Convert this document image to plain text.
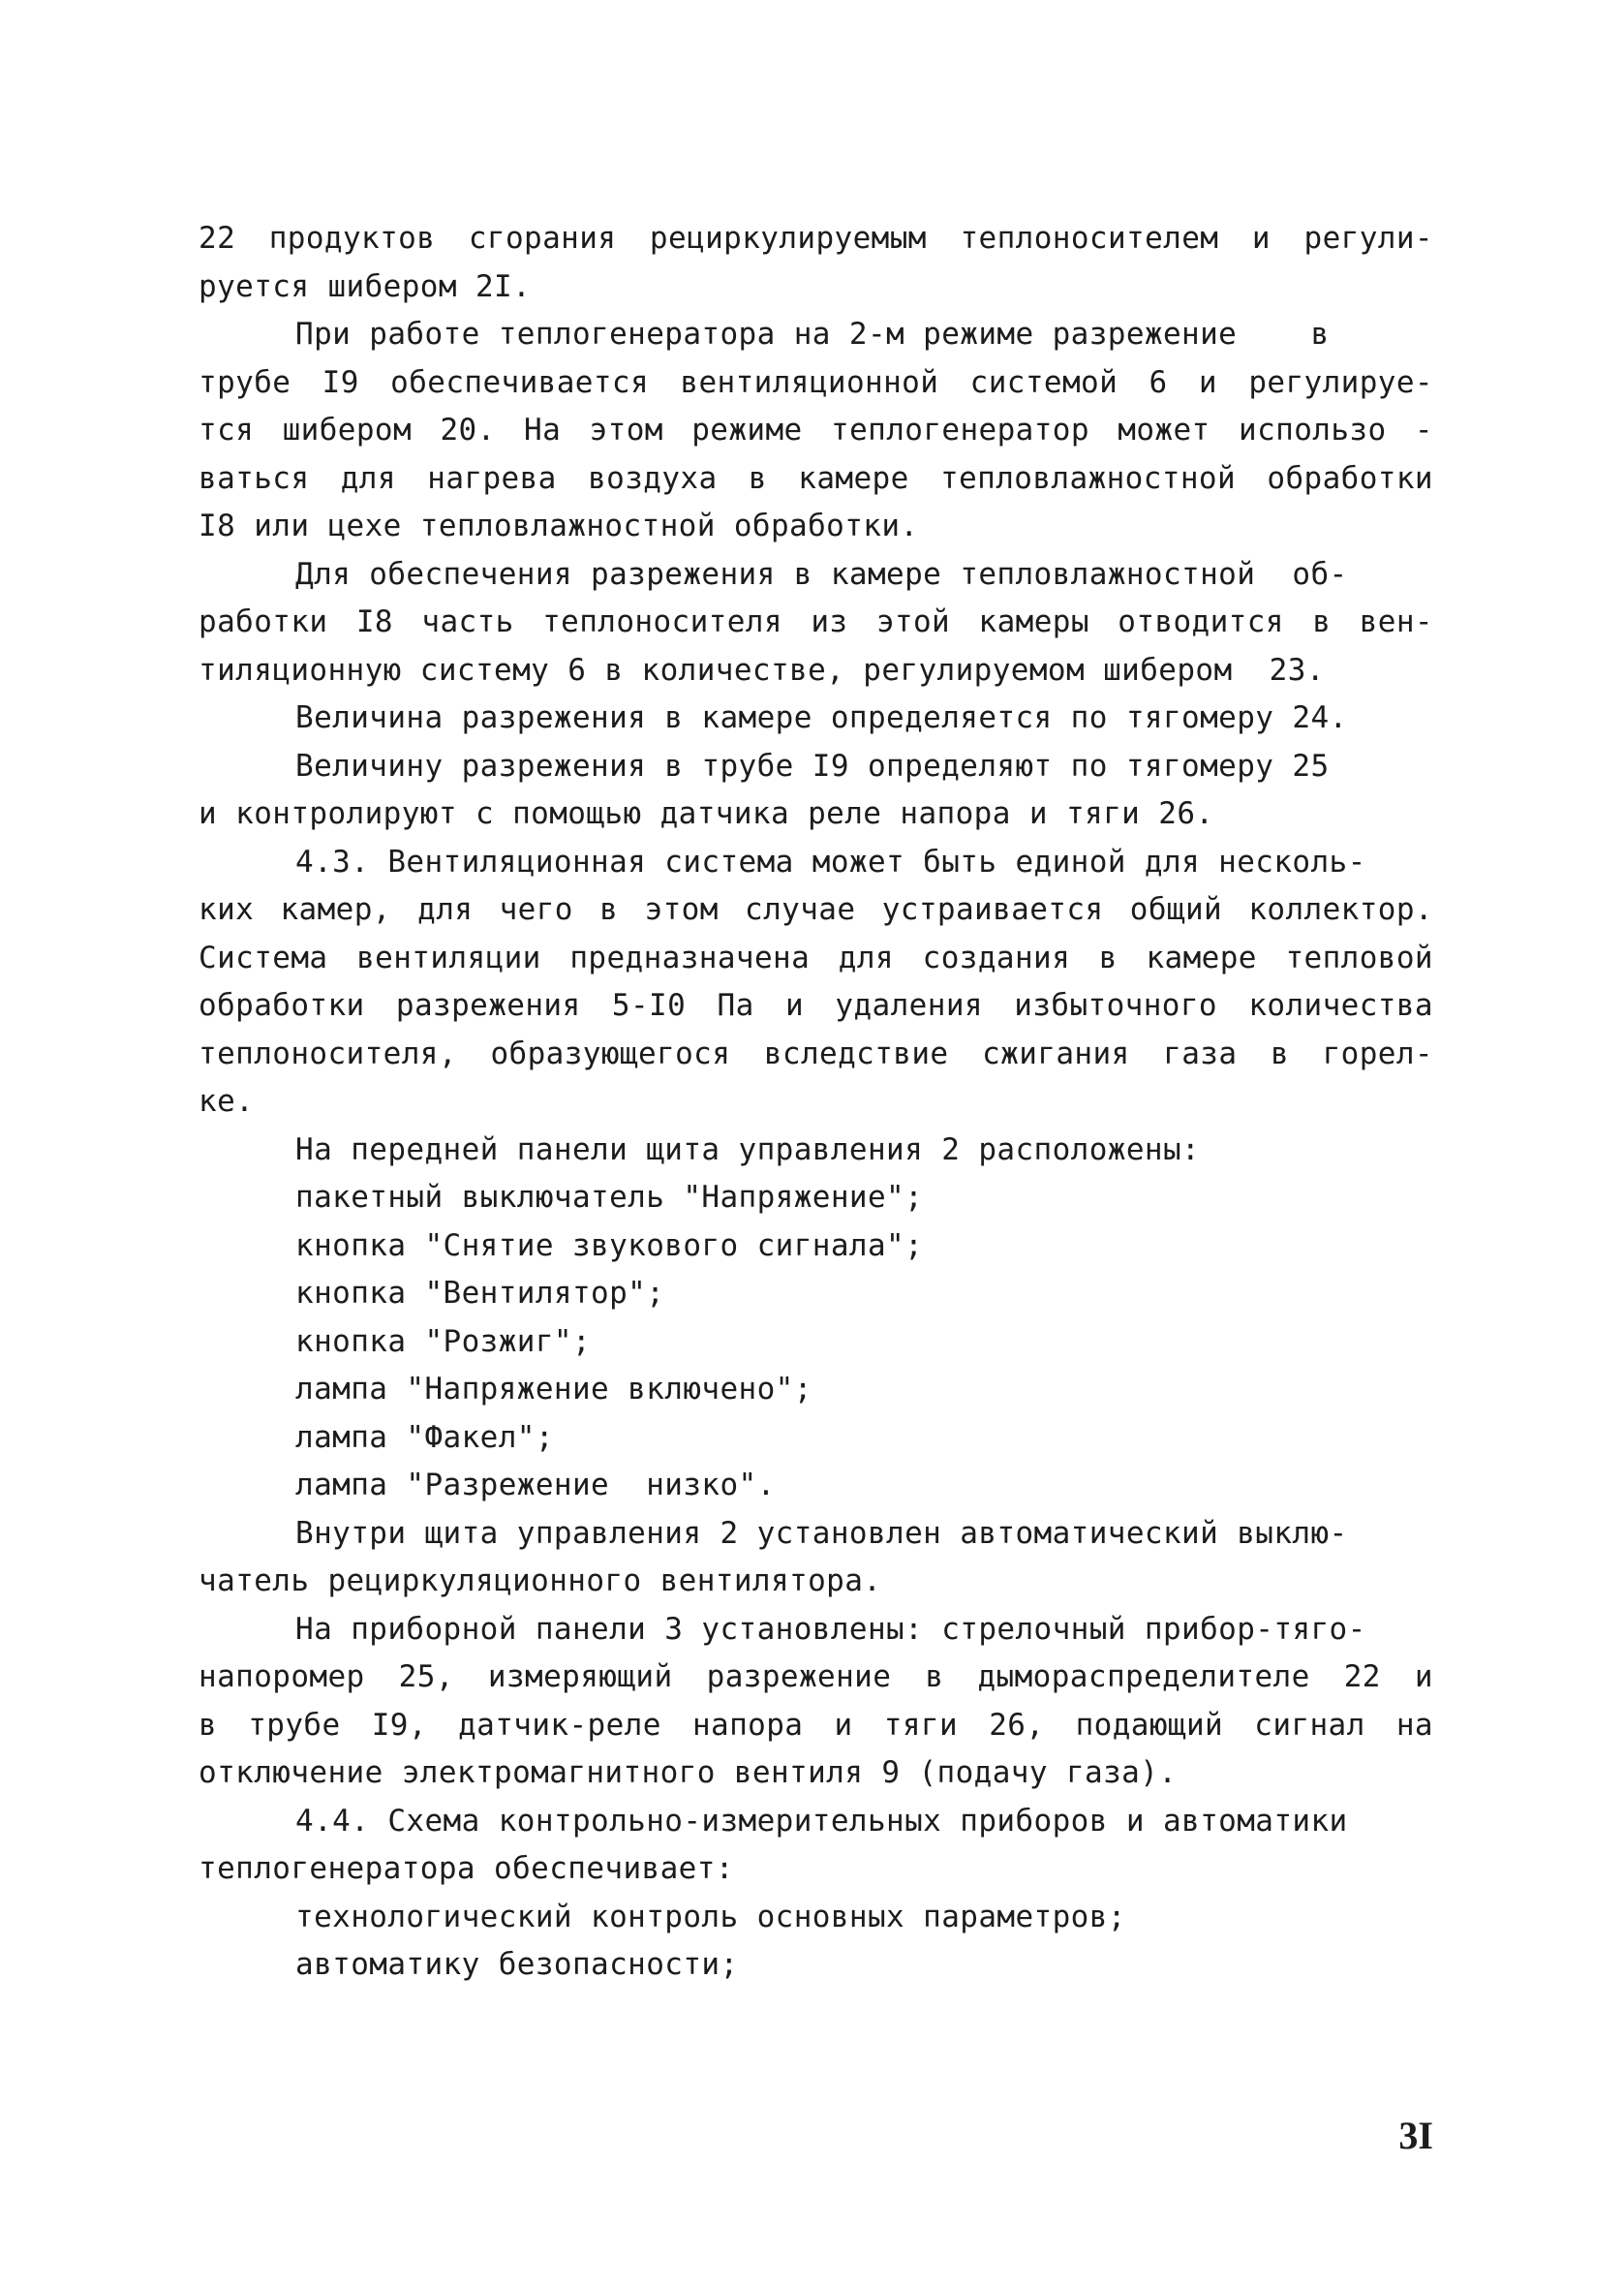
22 продуктов сгорания рециркулируемым теплоносителем и регули-
руется шибером 2I.
При работе теплогенератора на 2-м режиме разрежение    в
трубе I9 обеспечивается вентиляционной системой 6 и регулируе-
тся шибером 20. На этом режиме теплогенератор может использо -
ваться для нагрева воздуха в камере тепловлажностной обработки
I8 или цехе тепловлажностной обработки.
Для обеспечения разрежения в камере тепловлажностной  об-
работки I8 часть теплоносителя из этой камеры отводится в вен-
тиляционную систему 6 в количестве, регулируемом шибером  23.
Величина разрежения в камере определяется по тягомеру 24.
Величину разрежения в трубе I9 определяют по тягомеру 25
и контролируют с помощью датчика реле напора и тяги 26.
4.3. Вентиляционная система может быть единой для несколь-
ких камер, для чего в этом случае устраивается общий коллектор.
Система вентиляции предназначена для создания в камере тепловой
обработки разрежения 5-I0 Па и удаления избыточного количества
теплоносителя, образующегося вследствие сжигания газа в горел-
ке.
На передней панели щита управления 2 расположены:
пакетный выключатель "Напряжение";
кнопка "Снятие звукового сигнала";
кнопка "Вентилятор";
кнопка "Розжиг";
лампа "Напряжение включено";
лампа "Факел";
лампа "Разрежение  низко".
Внутри щита управления 2 установлен автоматический выклю-
чатель рециркуляционного вентилятора.
На приборной панели 3 установлены: стрелочный прибор-тяго-
напоромер 25, измеряющий разрежение в дымораспределителе 22 и
в трубе I9, датчик-реле напора и тяги 26, подающий сигнал на
отключение электромагнитного вентиля 9 (подачу газа).
4.4. Схема контрольно-измерительных приборов и автоматики
теплогенератора обеспечивает:
технологический контроль основных параметров;
автоматику безопасности;
3I
